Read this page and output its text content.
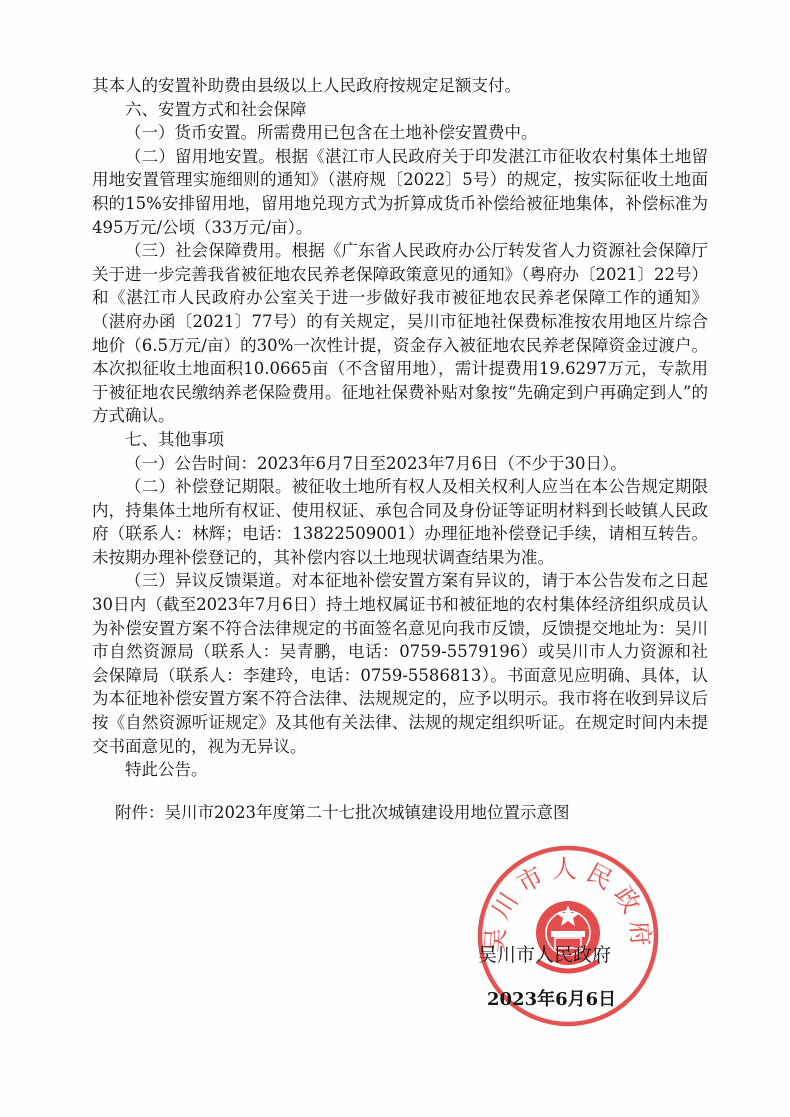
其本人的安置补助费由县级以上人民政府按规定足额支付。

六、安置方式和社会保障

（一）货币安置。所需费用已包含在土地补偿安置费中。

（二）留用地安置。根据《湛江市人民政府关于印发湛江市征收农村集体土地留用地安置管理实施细则的通知》（湛府规〔2022〕5号）的规定，按实际征收土地面积的15%安排留用地，留用地兑现方式为折算成货币补偿给被征地集体，补偿标准为495万元/公顷（33万元/亩）。

（三）社会保障费用。根据《广东省人民政府办公厅转发省人力资源社会保障厅关于进一步完善我省被征地农民养老保障政策意见的通知》（粤府办〔2021〕22号）和《湛江市人民政府办公室关于进一步做好我市被征地农民养老保障工作的通知》（湛府办函〔2021〕77号）的有关规定，吴川市征地社保费标准按农用地区片综合地价（6.5万元/亩）的30%一次性计提，资金存入被征地农民养老保障资金过渡户。本次拟征收土地面积10.0665亩（不含留用地），需计提费用19.6297万元，专款用于被征地农民缴纳养老保险费用。征地社保费补贴对象按“先确定到户再确定到人”的方式确认。

七、其他事项

（一）公告时间：2023年6月7日至2023年7月6日（不少于30日）。

（二）补偿登记期限。被征收土地所有权人及相关权利人应当在本公告规定期限内，持集体土地所有权证、使用权证、承包合同及身份证等证明材料到长岐镇人民政府（联系人：林辉；电话：13822509001）办理征地补偿登记手续，请相互转告。未按期办理补偿登记的，其补偿内容以土地现状调查结果为准。

（三）异议反馈渠道。对本征地补偿安置方案有异议的，请于本公告发布之日起30日内（截至2023年7月6日）持土地权属证书和被征地的农村集体经济组织成员认为补偿安置方案不符合法律规定的书面签名意见向我市反馈，反馈提交地址为：吴川市自然资源局（联系人：吴青鹏，电话：0759-5579196）或吴川市人力资源和社会保障局（联系人：李建玲，电话：0759-5586813）。书面意见应明确、具体，认为本征地补偿安置方案不符合法律、法规规定的，应予以明示。我市将在收到异议后按《自然资源听证规定》及其他有关法律、法规的规定组织听证。在规定时间内未提交书面意见的，视为无异议。

特此公告。

附件：吴川市2023年度第二十七批次城镇建设用地位置示意图
吴川市人民政府
吴川市人民政府
2023年6月6日
